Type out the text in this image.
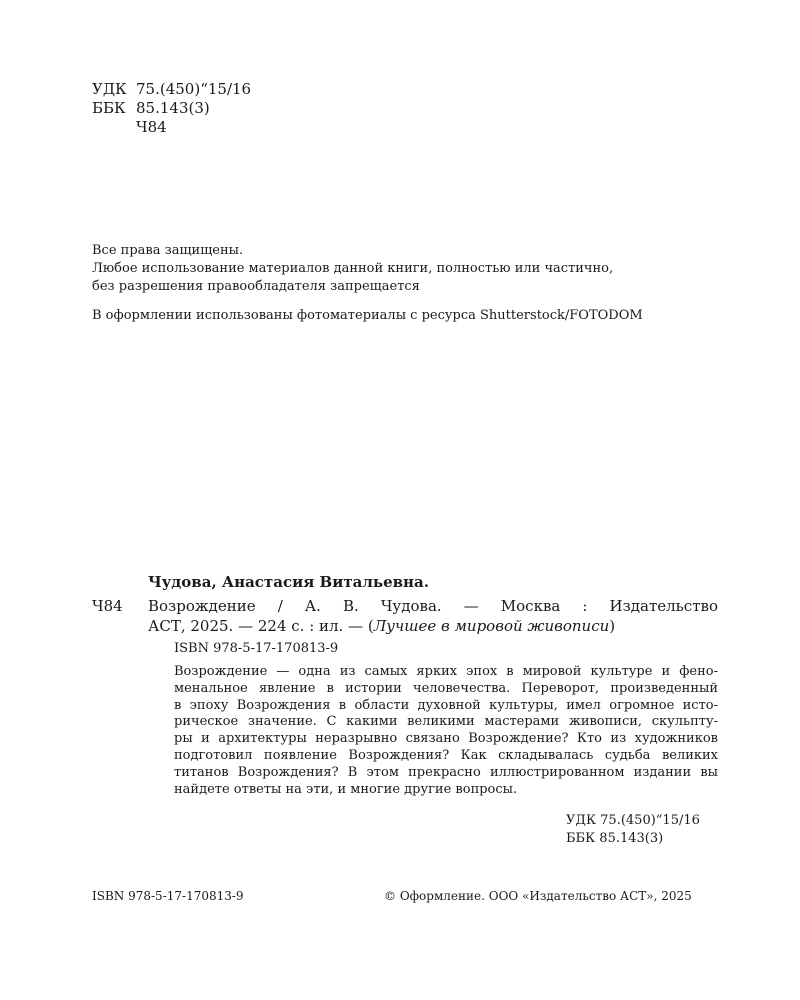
УДК 75.(450)“15/16
ББК 85.143(3)
Ч84
Все права защищены.
Любое использование материалов данной книги, полностью или частично,
без разрешения правообладателя запрещается
В оформлении использованы фотоматериалы с ресурса Shutterstock/FOTODOM
Чудова, Анастасия Витальевна.
Ч84 Возрождение / А. В. Чудова. — Москва : Издательство
АСТ, 2025. — 224 с. : ил. — (Лучшее в мировой живописи)
ISBN 978-5-17-170813-9
Возрождение — одна из самых ярких эпох в мировой культуре и фено-
менальное явление в истории человечества. Переворот, произведенный
в эпоху Возрождения в области духовной культуры, имел огромное исто-
рическое значение. С какими великими мастерами живописи, скульпту-
ры и архитектуры неразрывно связано Возрождение? Кто из художников
подготовил появление Возрождения? Как складывалась судьба великих
титанов Возрождения? В этом прекрасно иллюстрированном издании вы
найдете ответы на эти, и многие другие вопросы.
УДК 75.(450)“15/16
ББК 85.143(3)
ISBN 978-5-17-170813-9	© Оформление. ООО «Издательство АСТ», 2025
